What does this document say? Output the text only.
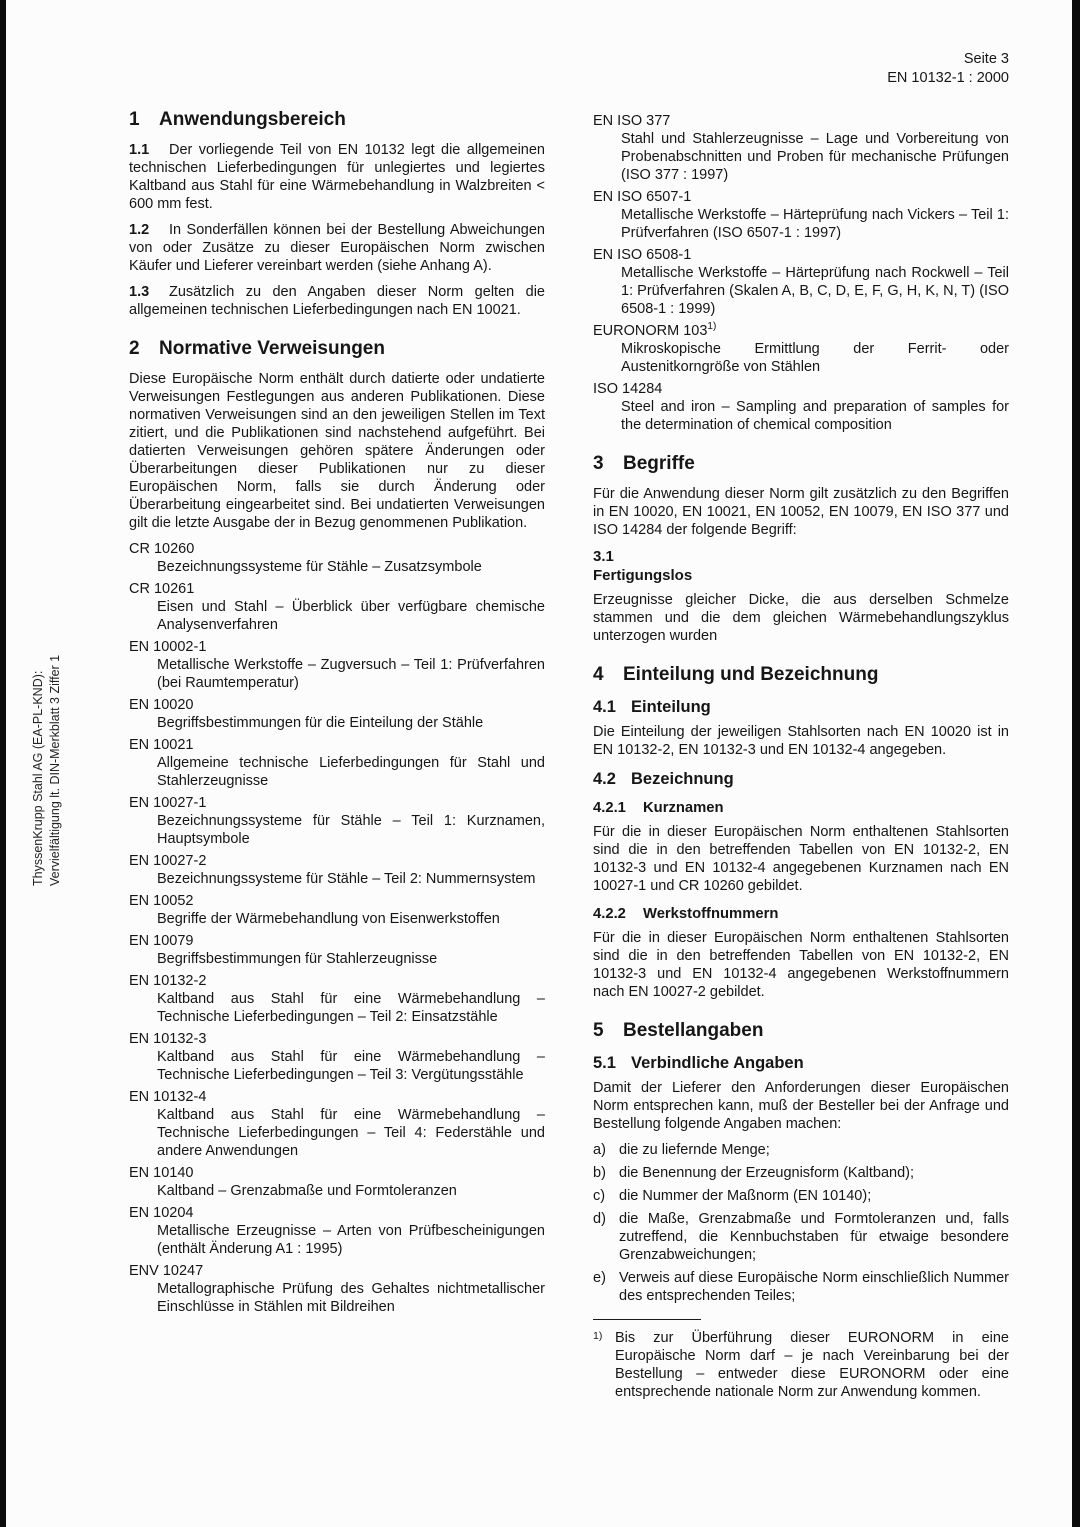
ThyssenKrupp Stahl AG (EA-PL-KND): Vervielfältigung lt. DIN-Merkblatt 3 Ziffer 1
Seite 3
EN 10132-1 : 2000
1 Anwendungsbereich

1.1 Der vorliegende Teil von EN 10132 legt die allgemeinen technischen Lieferbedingungen für unlegiertes und legiertes Kaltband aus Stahl für eine Wärmebehandlung in Walzbreiten < 600 mm fest.

1.2 In Sonderfällen können bei der Bestellung Abweichungen von oder Zusätze zu dieser Europäischen Norm zwischen Käufer und Lieferer vereinbart werden (siehe Anhang A).

1.3 Zusätzlich zu den Angaben dieser Norm gelten die allgemeinen technischen Lieferbedingungen nach EN 10021.

2 Normative Verweisungen

Diese Europäische Norm enthält durch datierte oder undatierte Verweisungen Festlegungen aus anderen Publikationen. Diese normativen Verweisungen sind an den jeweiligen Stellen im Text zitiert, und die Publikationen sind nachstehend aufgeführt. Bei datierten Verweisungen gehören spätere Änderungen oder Überarbeitungen dieser Publikationen nur zu dieser Europäischen Norm, falls sie durch Änderung oder Überarbeitung eingearbeitet sind. Bei undatierten Verweisungen gilt die letzte Ausgabe der in Bezug genommenen Publikation.

CR 10260

Bezeichnungssysteme für Stähle – Zusatzsymbole

CR 10261

Eisen und Stahl – Überblick über verfügbare chemische Analysenverfahren

EN 10002-1

Metallische Werkstoffe – Zugversuch – Teil 1: Prüfverfahren (bei Raumtemperatur)

EN 10020

Begriffsbestimmungen für die Einteilung der Stähle

EN 10021

Allgemeine technische Lieferbedingungen für Stahl und Stahlerzeugnisse

EN 10027-1

Bezeichnungssysteme für Stähle – Teil 1: Kurznamen, Hauptsymbole

EN 10027-2

Bezeichnungssysteme für Stähle – Teil 2: Nummernsystem

EN 10052

Begriffe der Wärmebehandlung von Eisenwerkstoffen

EN 10079

Begriffsbestimmungen für Stahlerzeugnisse

EN 10132-2

Kaltband aus Stahl für eine Wärmebehandlung – Technische Lieferbedingungen – Teil 2: Einsatzstähle

EN 10132-3

Kaltband aus Stahl für eine Wärmebehandlung – Technische Lieferbedingungen – Teil 3: Vergütungsstähle

EN 10132-4

Kaltband aus Stahl für eine Wärmebehandlung – Technische Lieferbedingungen – Teil 4: Federstähle und andere Anwendungen

EN 10140

Kaltband – Grenzabmaße und Formtoleranzen

EN 10204

Metallische Erzeugnisse – Arten von Prüfbescheinigungen (enthält Änderung A1 : 1995)

ENV 10247

Metallographische Prüfung des Gehaltes nichtmetallischer Einschlüsse in Stählen mit Bildreihen

EN ISO 377

Stahl und Stahlerzeugnisse – Lage und Vorbereitung von Probenabschnitten und Proben für mechanische Prüfungen (ISO 377 : 1997)

EN ISO 6507-1

Metallische Werkstoffe – Härteprüfung nach Vickers – Teil 1: Prüfverfahren (ISO 6507-1 : 1997)

EN ISO 6508-1

Metallische Werkstoffe – Härteprüfung nach Rockwell – Teil 1: Prüfverfahren (Skalen A, B, C, D, E, F, G, H, K, N, T) (ISO 6508-1 : 1999)

EURONORM 103$^{1)}$

Mikroskopische Ermittlung der Ferrit- oder Austenitkorngröße von Stählen

ISO 14284

Steel and iron – Sampling and preparation of samples for the determination of chemical composition

3 Begriffe

Für die Anwendung dieser Norm gilt zusätzlich zu den Begriffen in EN 10020, EN 10021, EN 10052, EN 10079, EN ISO 377 und ISO 14284 der folgende Begriff:

3.1
Fertigungslos

Erzeugnisse gleicher Dicke, die aus derselben Schmelze stammen und die dem gleichen Wärmebehandlungszyklus unterzogen wurden

4 Einteilung und Bezeichnung
4.1 Einteilung

Die Einteilung der jeweiligen Stahlsorten nach EN 10020 ist in EN 10132-2, EN 10132-3 und EN 10132-4 angegeben.

4.2 Bezeichnung
4.2.1 Kurznamen

Für die in dieser Europäischen Norm enthaltenen Stahlsorten sind die in den betreffenden Tabellen von EN 10132-2, EN 10132-3 und EN 10132-4 angegebenen Kurznamen nach EN 10027-1 und CR 10260 gebildet.

4.2.2 Werkstoffnummern

Für die in dieser Europäischen Norm enthaltenen Stahlsorten sind die in den betreffenden Tabellen von EN 10132-2, EN 10132-3 und EN 10132-4 angegebenen Werkstoffnummern nach EN 10027-2 gebildet.

5 Bestellangaben
5.1 Verbindliche Angaben

Damit der Lieferer den Anforderungen dieser Europäischen Norm entsprechen kann, muß der Besteller bei der Anfrage und Bestellung folgende Angaben machen:

a) die zu liefernde Menge;

b) die Benennung der Erzeugnisform (Kaltband);

c) die Nummer der Maßnorm (EN 10140);

d) die Maße, Grenzabmaße und Formtoleranzen und, falls zutreffend, die Kennbuchstaben für etwaige besondere Grenzabweichungen;

e) Verweis auf diese Europäische Norm einschließlich Nummer des entsprechenden Teiles;

1) Bis zur Überführung dieser EURONORM in eine Europäische Norm darf – je nach Vereinbarung bei der Bestellung – entweder diese EURONORM oder eine entsprechende nationale Norm zur Anwendung kommen.
